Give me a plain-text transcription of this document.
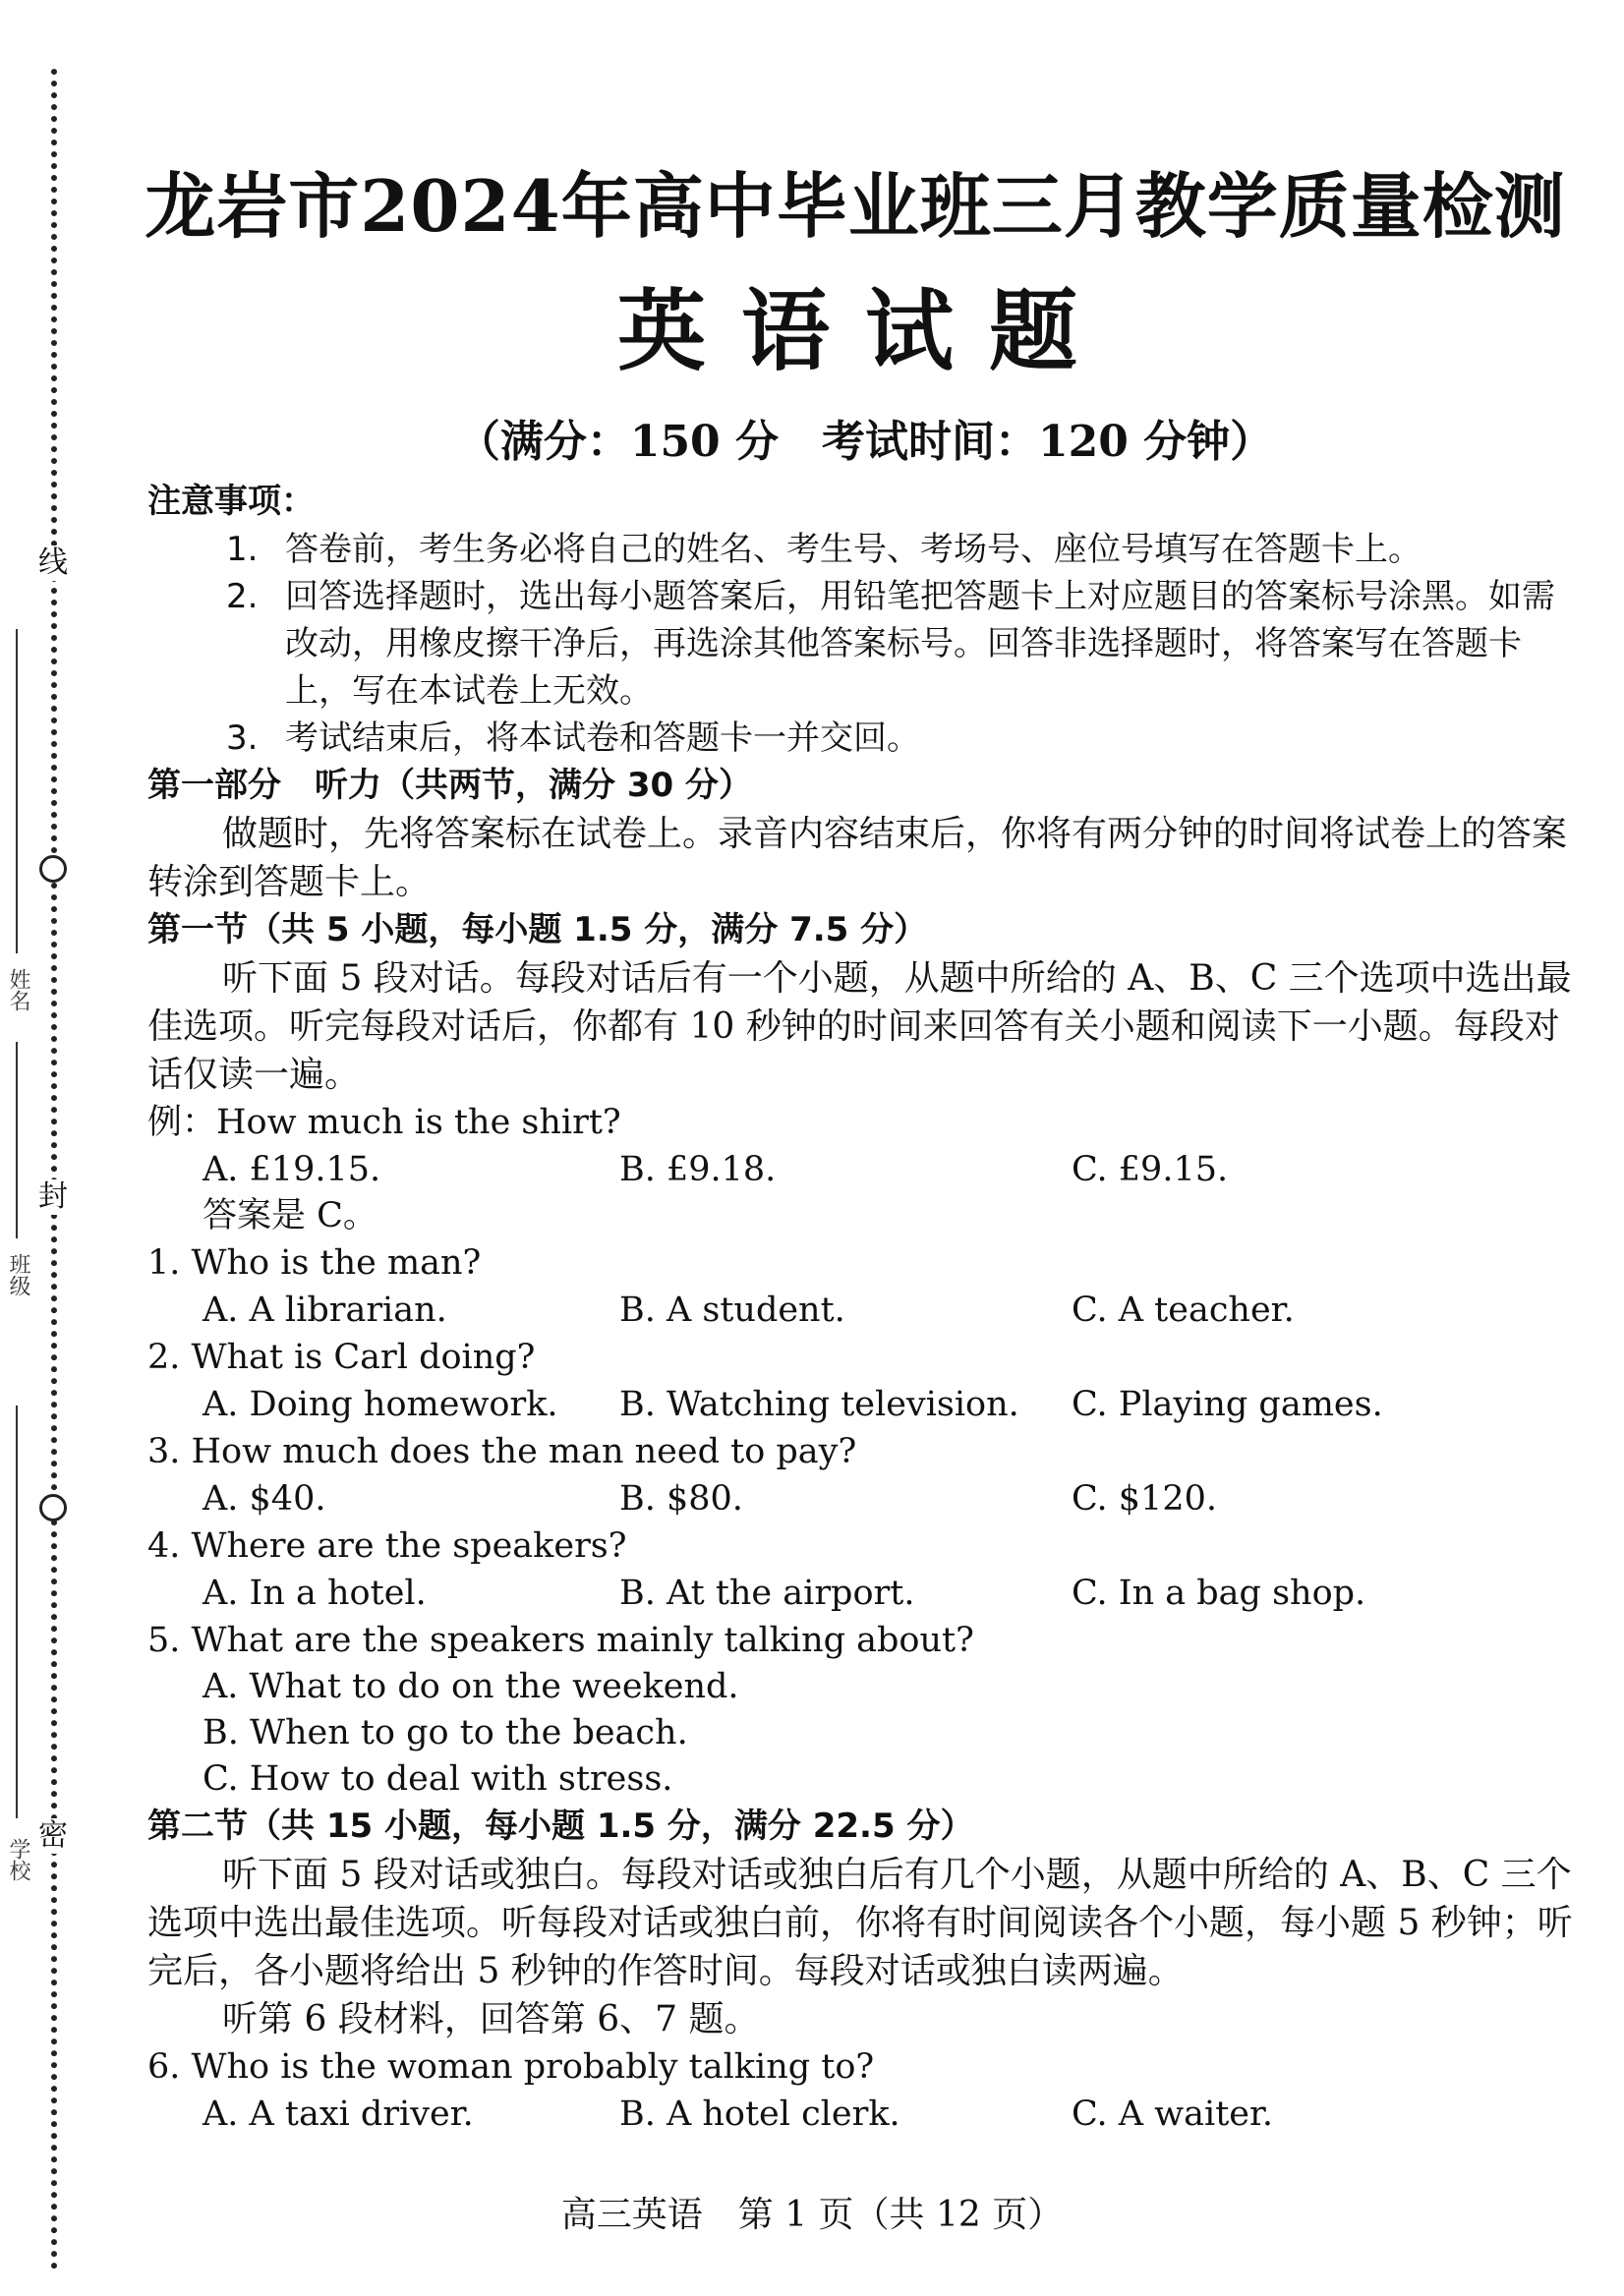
线
封
密
姓名
班级
学校
龙岩市2024年高中毕业班三月教学质量检测
英语试题
（满分：150 分　考试时间：120 分钟）
注意事项：
1. 答卷前，考生务必将自己的姓名、考生号、考场号、座位号填写在答题卡上。
2. 回答选择题时，选出每小题答案后，用铅笔把答题卡上对应题目的答案标号涂黑。如需改动，用橡皮擦干净后，再选涂其他答案标号。回答非选择题时，将答案写在答题卡上，写在本试卷上无效。
3. 考试结束后，将本试卷和答题卡一并交回。
第一部分　听力（共两节，满分 30 分）
做题时，先将答案标在试卷上。录音内容结束后，你将有两分钟的时间将试卷上的答案转涂到答题卡上。
第一节（共 5 小题，每小题 1.5 分，满分 7.5 分）
听下面 5 段对话。每段对话后有一个小题，从题中所给的 A、B、C 三个选项中选出最佳选项。听完每段对话后，你都有 10 秒钟的时间来回答有关小题和阅读下一小题。每段对话仅读一遍。
例：How much is the shirt?
A. £19.15.	B. £9.18.	C. £9.15.
答案是 C。
1. Who is the man?
A. A librarian.	B. A student.	C. A teacher.
2. What is Carl doing?
A. Doing homework.	B. Watching television.	C. Playing games.
3. How much does the man need to pay?
A. $40.	B. $80.	C. $120.
4. Where are the speakers?
A. In a hotel.	B. At the airport.	C. In a bag shop.
5. What are the speakers mainly talking about?
A. What to do on the weekend.
B. When to go to the beach.
C. How to deal with stress.
第二节（共 15 小题，每小题 1.5 分，满分 22.5 分）
听下面 5 段对话或独白。每段对话或独白后有几个小题，从题中所给的 A、B、C 三个选项中选出最佳选项。听每段对话或独白前，你将有时间阅读各个小题，每小题 5 秒钟；听完后，各小题将给出 5 秒钟的作答时间。每段对话或独白读两遍。
听第 6 段材料，回答第 6、7 题。
6. Who is the woman probably talking to?
A. A taxi driver.	B. A hotel clerk.	C. A waiter.
高三英语　第 1 页（共 12 页）
